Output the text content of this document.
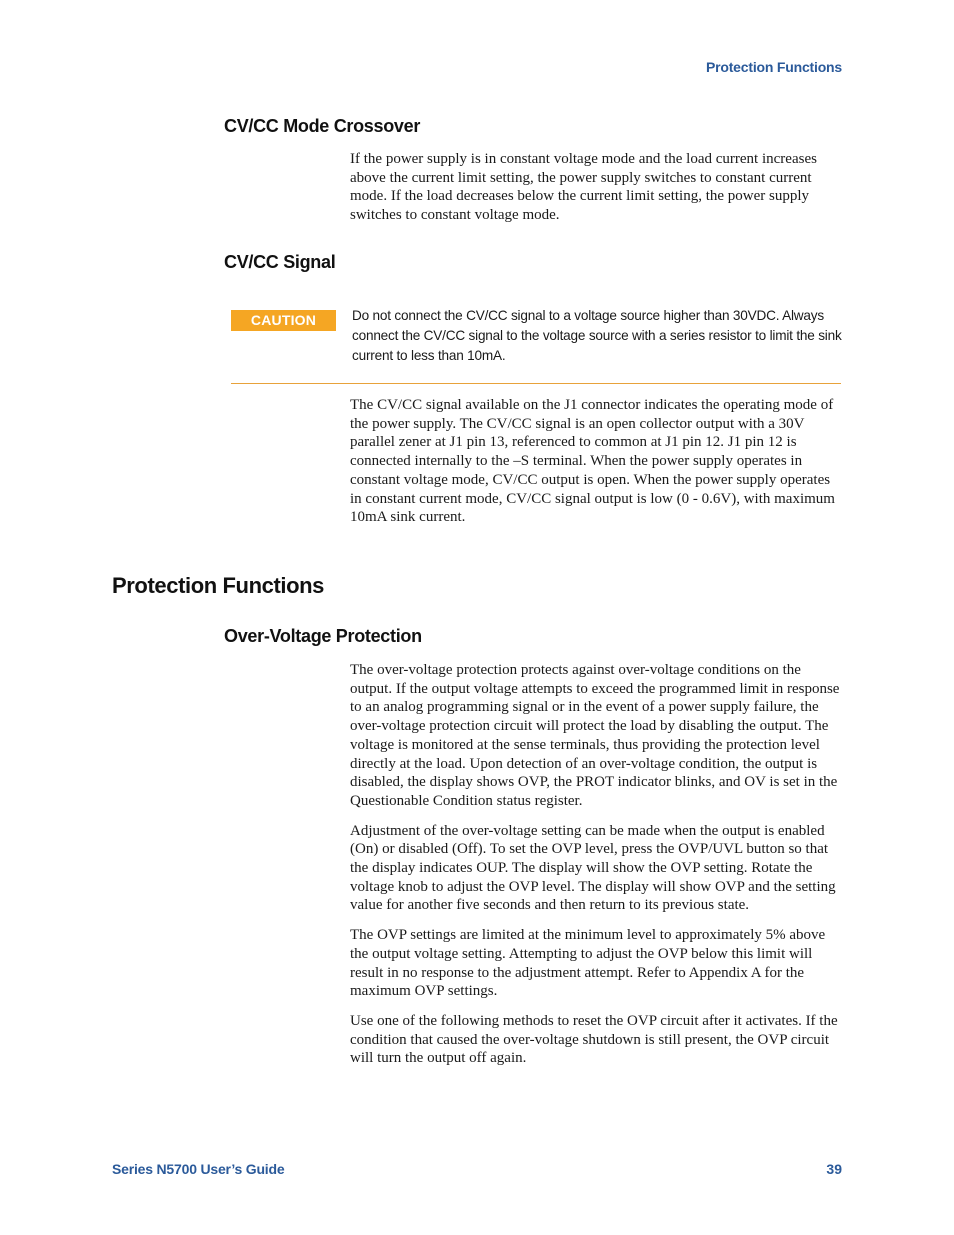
Protection Functions
CV/CC Mode Crossover

If the power supply is in constant voltage mode and the load current increases above the current limit setting, the power supply switches to constant current mode. If the load decreases below the current limit setting, the power supply switches to constant voltage mode.

CV/CC Signal
CAUTION	Do not connect the CV/CC signal to a voltage source higher than 30VDC. Always connect the CV/CC signal to the voltage source with a series resistor to limit the sink current to less than 10mA.

The CV/CC signal available on the J1 connector indicates the operating mode of the power supply. The CV/CC signal is an open collector output with a 30V parallel zener at J1 pin 13, referenced to common at J1 pin 12. J1 pin 12 is connected internally to the –S terminal. When the power supply operates in constant voltage mode, CV/CC output is open. When the power supply operates in constant current mode, CV/CC signal output is low (0 - 0.6V), with maximum 10mA sink current.

Protection Functions
Over-Voltage Protection

The over-voltage protection protects against over-voltage conditions on the output. If the output voltage attempts to exceed the programmed limit in response to an analog programming signal or in the event of a power supply failure, the over-voltage protection circuit will protect the load by disabling the output. The voltage is monitored at the sense terminals, thus providing the protection level directly at the load. Upon detection of an over-voltage condition, the output is disabled, the display shows OVP, the PROT indicator blinks, and OV is set in the Questionable Condition status register.

Adjustment of the over-voltage setting can be made when the output is enabled (On) or disabled (Off). To set the OVP level, press the OVP/UVL button so that the display indicates OUP. The display will show the OVP setting. Rotate the voltage knob to adjust the OVP level. The display will show OVP and the setting value for another five seconds and then return to its previous state.

The OVP settings are limited at the minimum level to approximately 5% above the output voltage setting. Attempting to adjust the OVP below this limit will result in no response to the adjustment attempt. Refer to Appendix A for the maximum OVP settings.

Use one of the following methods to reset the OVP circuit after it activates. If the condition that caused the over-voltage shutdown is still present, the OVP circuit will turn the output off again.

Series N5700 User’s Guide	39
